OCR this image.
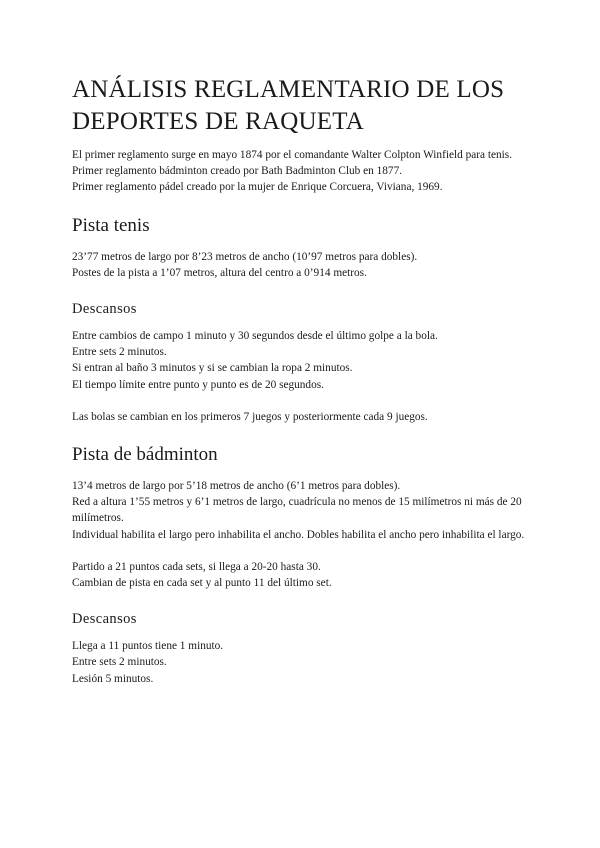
ANÁLISIS REGLAMENTARIO DE LOS DEPORTES DE RAQUETA

El primer reglamento surge en mayo 1874 por el comandante Walter Colpton Winfield para tenis.

Primer reglamento bádminton creado por Bath Badminton Club en 1877.

Primer reglamento pádel creado por la mujer de Enrique Corcuera, Viviana, 1969.

Pista tenis

23’77 metros de largo por 8’23 metros de ancho (10’97 metros para dobles).

Postes de la pista a 1’07 metros, altura del centro a 0’914 metros.

Descansos

Entre cambios de campo 1 minuto y 30 segundos desde el último golpe a la bola.

Entre sets 2 minutos.

Si entran al baño 3 minutos y si se cambian la ropa 2 minutos.

El tiempo límite entre punto y punto es de 20 segundos.

Las bolas se cambian en los primeros 7 juegos y posteriormente cada 9 juegos.

Pista de bádminton

13’4 metros de largo por 5’18 metros de ancho (6’1 metros para dobles).

Red a altura 1’55 metros y 6’1 metros de largo, cuadrícula no menos de 15 milímetros ni más de 20 milímetros.

Individual habilita el largo pero inhabilita el ancho. Dobles habilita el ancho pero inhabilita el largo.

Partido a 21 puntos cada sets, si llega a 20-20 hasta 30.

Cambian de pista en cada set y al punto 11 del último set.

Descansos

Llega a 11 puntos tiene 1 minuto.

Entre sets 2 minutos.

Lesión 5 minutos.
